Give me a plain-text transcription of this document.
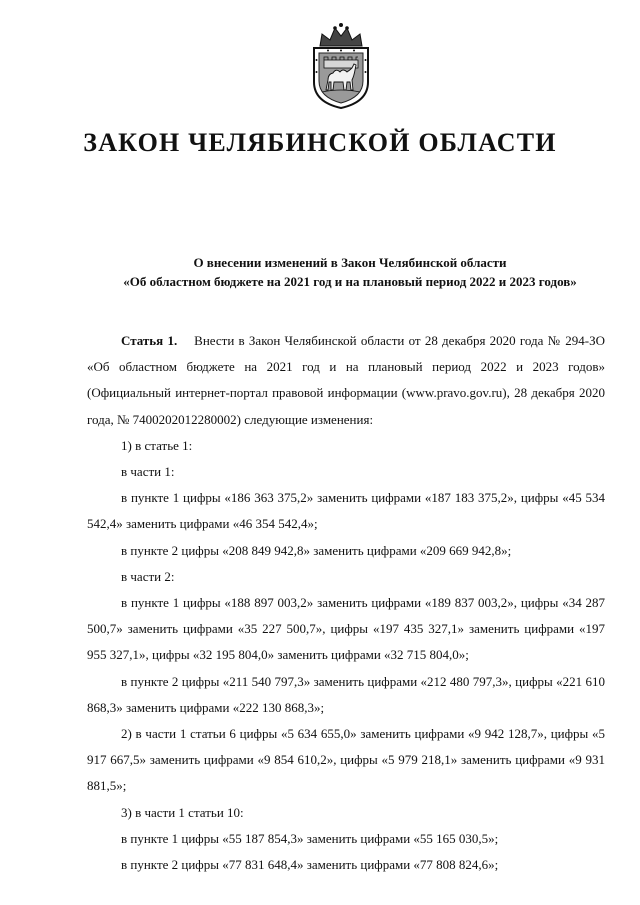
ЗАКОН ЧЕЛЯБИНСКОЙ ОБЛАСТИ
О внесении изменений в Закон Челябинской области
«Об областном бюджете на 2021 год и на плановый период 2022 и 2023 годов»

Статья 1. Внести в Закон Челябинской области от 28 декабря 2020 года № 294-ЗО «Об областном бюджете на 2021 год и на плановый период 2022 и 2023 годов» (Официальный интернет-портал правовой информации (www.pravo.gov.ru), 28 декабря 2020 года, № 7400202012280002) следующие изменения:

1) в статье 1:

в части 1:

в пункте 1 цифры «186 363 375,2» заменить цифрами «187 183 375,2», цифры «45 534 542,4» заменить цифрами «46 354 542,4»;

в пункте 2 цифры «208 849 942,8» заменить цифрами «209 669 942,8»;

в части 2:

в пункте 1 цифры «188 897 003,2» заменить цифрами «189 837 003,2», цифры «34 287 500,7» заменить цифрами «35 227 500,7», цифры «197 435 327,1» заменить цифрами «197 955 327,1», цифры «32 195 804,0» заменить цифрами «32 715 804,0»;

в пункте 2 цифры «211 540 797,3» заменить цифрами «212 480 797,3», цифры «221 610 868,3» заменить цифрами «222 130 868,3»;

2) в части 1 статьи 6 цифры «5 634 655,0» заменить цифрами «9 942 128,7», цифры «5 917 667,5» заменить цифрами «9 854 610,2», цифры «5 979 218,1» заменить цифрами «9 931 881,5»;

3) в части 1 статьи 10:

в пункте 1 цифры «55 187 854,3» заменить цифрами «55 165 030,5»;

в пункте 2 цифры «77 831 648,4» заменить цифрами «77 808 824,6»;
